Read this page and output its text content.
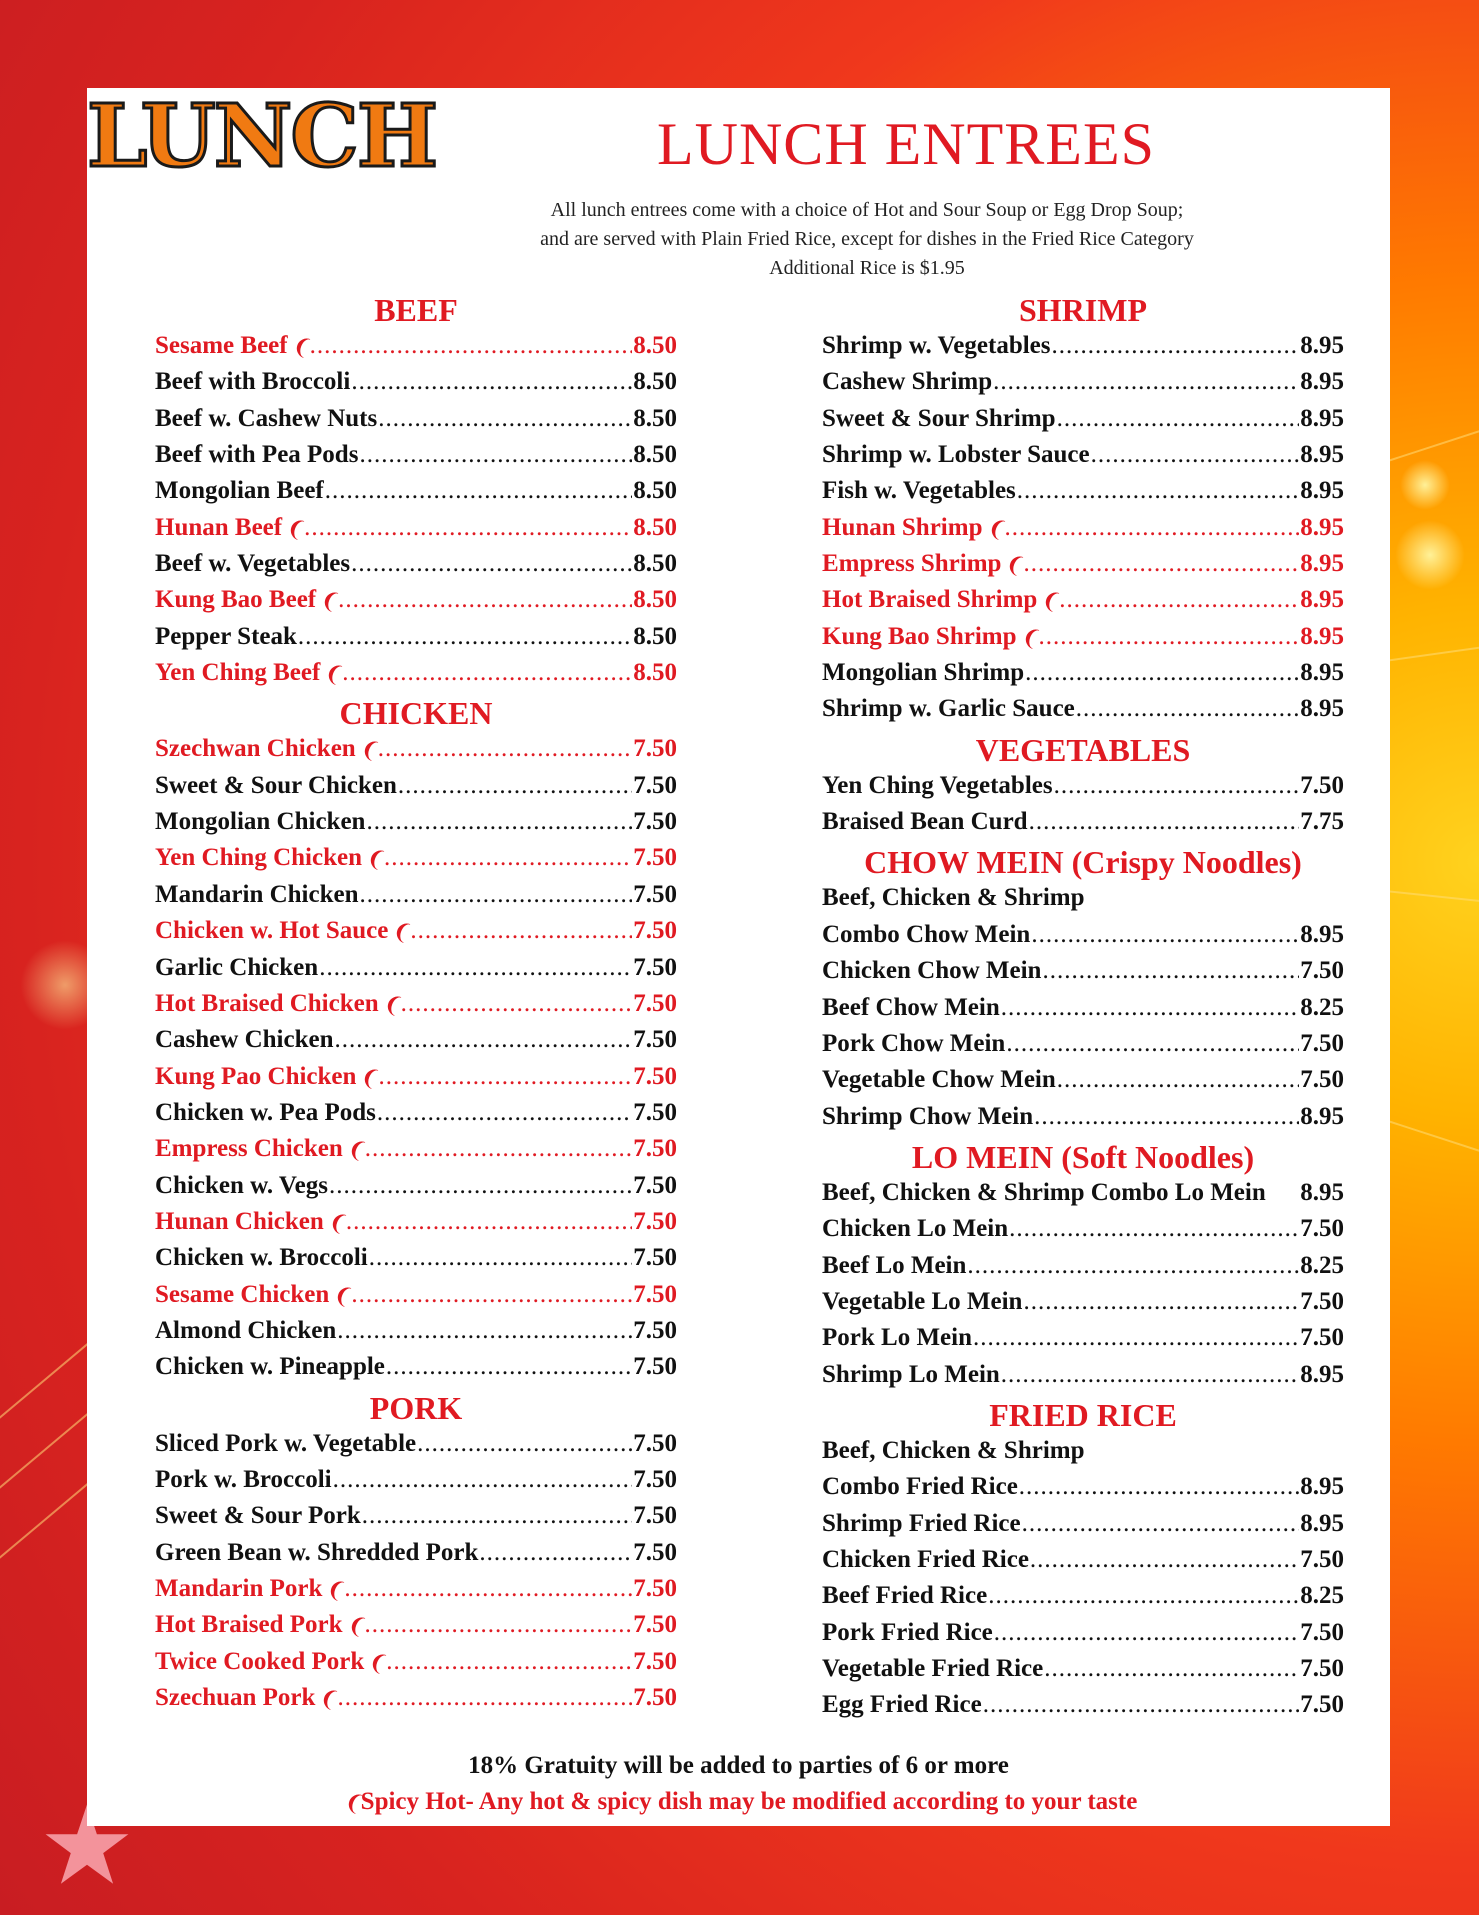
LUNCH	LUNCH ENTREES
All lunch entrees come with a choice of Hot and Sour Soup or Egg Drop Soup;
and are served with Plain Fried Rice, except for dishes in the Fried Rice Category
Additional Rice is $1.95
BEEF
Sesame Beef ❨ .....	8.50
Beef with Broccoli .....	8.50
Beef w. Cashew Nuts .....	8.50
Beef with Pea Pods .....	8.50
Mongolian Beef .....	8.50
Hunan Beef ❨ .....	8.50
Beef w. Vegetables .....	8.50
Kung Bao Beef ❨ .....	8.50
Pepper Steak .....	8.50
Yen Ching Beef ❨ .....	8.50
CHICKEN
Szechwan Chicken ❨ .....	7.50
Sweet & Sour Chicken .....	7.50
Mongolian Chicken .....	7.50
Yen Ching Chicken ❨ .....	7.50
Mandarin Chicken .....	7.50
Chicken w. Hot Sauce ❨ .....	7.50
Garlic Chicken .....	7.50
Hot Braised Chicken ❨ .....	7.50
Cashew Chicken .....	7.50
Kung Pao Chicken ❨ .....	7.50
Chicken w. Pea Pods .....	7.50
Empress Chicken ❨ .....	7.50
Chicken w. Vegs .....	7.50
Hunan Chicken ❨ .....	7.50
Chicken w. Broccoli .....	7.50
Sesame Chicken ❨ .....	7.50
Almond Chicken .....	7.50
Chicken w. Pineapple .....	7.50
PORK
Sliced Pork w. Vegetable .....	7.50
Pork w. Broccoli .....	7.50
Sweet & Sour Pork .....	7.50
Green Bean w. Shredded Pork .....	7.50
Mandarin Pork ❨ .....	7.50
Hot Braised Pork ❨ .....	7.50
Twice Cooked Pork ❨ .....	7.50
Szechuan Pork ❨ .....	7.50
SHRIMP
Shrimp w. Vegetables .....	8.95
Cashew Shrimp .....	8.95
Sweet & Sour Shrimp .....	8.95
Shrimp w. Lobster Sauce .....	8.95
Fish w. Vegetables .....	8.95
Hunan Shrimp ❨ .....	8.95
Empress Shrimp ❨ .....	8.95
Hot Braised Shrimp ❨ .....	8.95
Kung Bao Shrimp ❨ .....	8.95
Mongolian Shrimp .....	8.95
Shrimp w. Garlic Sauce .....	8.95
VEGETABLES
Yen Ching Vegetables .....	7.50
Braised Bean Curd .....	7.75
CHOW MEIN (Crispy Noodles)
Beef, Chicken & Shrimp
Combo Chow Mein .....	8.95
Chicken Chow Mein .....	7.50
Beef Chow Mein .....	8.25
Pork Chow Mein .....	7.50
Vegetable Chow Mein .....	7.50
Shrimp Chow Mein .....	8.95
LO MEIN (Soft Noodles)
Beef, Chicken & Shrimp Combo Lo Mein 8.95
Chicken Lo Mein .....	7.50
Beef Lo Mein .....	8.25
Vegetable Lo Mein .....	7.50
Pork Lo Mein .....	7.50
Shrimp Lo Mein .....	8.95
FRIED RICE
Beef, Chicken & Shrimp
Combo Fried Rice .....	8.95
Shrimp Fried Rice .....	8.95
Chicken Fried Rice .....	7.50
Beef Fried Rice .....	8.25
Pork Fried Rice .....	7.50
Vegetable Fried Rice .....	7.50
Egg Fried Rice .....	7.50
18% Gratuity will be added to parties of 6 or more
❨Spicy Hot- Any hot & spicy dish may be modified according to your taste
